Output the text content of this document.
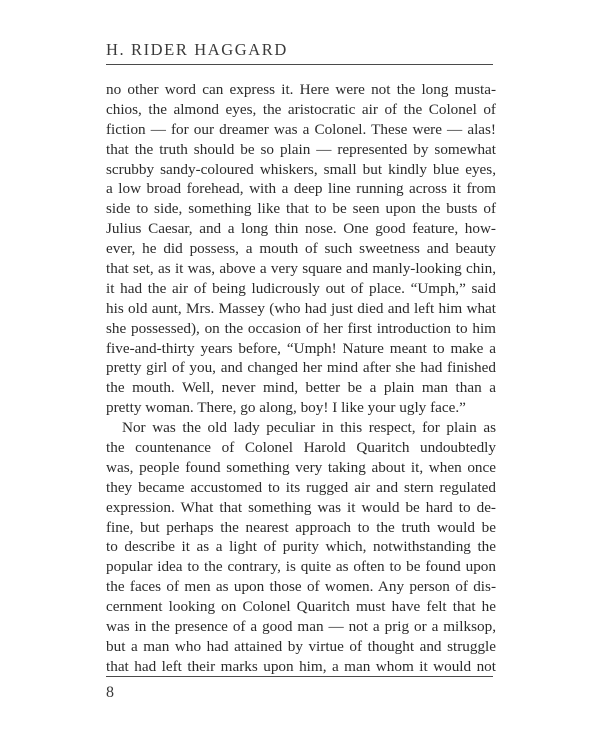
H. RIDER HAGGARD
no other word can express it. Here were not the long musta-
chios, the almond eyes, the aristocratic air of the Colonel of
fiction — for our dreamer was a Colonel. These were — alas!
that the truth should be so plain — represented by somewhat
scrubby sandy-coloured whiskers, small but kindly blue eyes,
a low broad forehead, with a deep line running across it from
side to side, something like that to be seen upon the busts of
Julius Caesar, and a long thin nose. One good feature, how-
ever, he did possess, a mouth of such sweetness and beauty
that set, as it was, above a very square and manly-looking chin,
it had the air of being ludicrously out of place. “Umph,” said
his old aunt, Mrs. Massey (who had just died and left him what
she possessed), on the occasion of her first introduction to him
five-and-thirty years before, “Umph! Nature meant to make a
pretty girl of you, and changed her mind after she had finished
the mouth. Well, never mind, better be a plain man than a
pretty woman. There, go along, boy! I like your ugly face.”
Nor was the old lady peculiar in this respect, for plain as
the countenance of Colonel Harold Quaritch undoubtedly
was, people found something very taking about it, when once
they became accustomed to its rugged air and stern regulated
expression. What that something was it would be hard to de-
fine, but perhaps the nearest approach to the truth would be
to describe it as a light of purity which, notwithstanding the
popular idea to the contrary, is quite as often to be found upon
the faces of men as upon those of women. Any person of dis-
cernment looking on Colonel Quaritch must have felt that he
was in the presence of a good man — not a prig or a milksop,
but a man who had attained by virtue of thought and struggle
that had left their marks upon him, a man whom it would not
8
